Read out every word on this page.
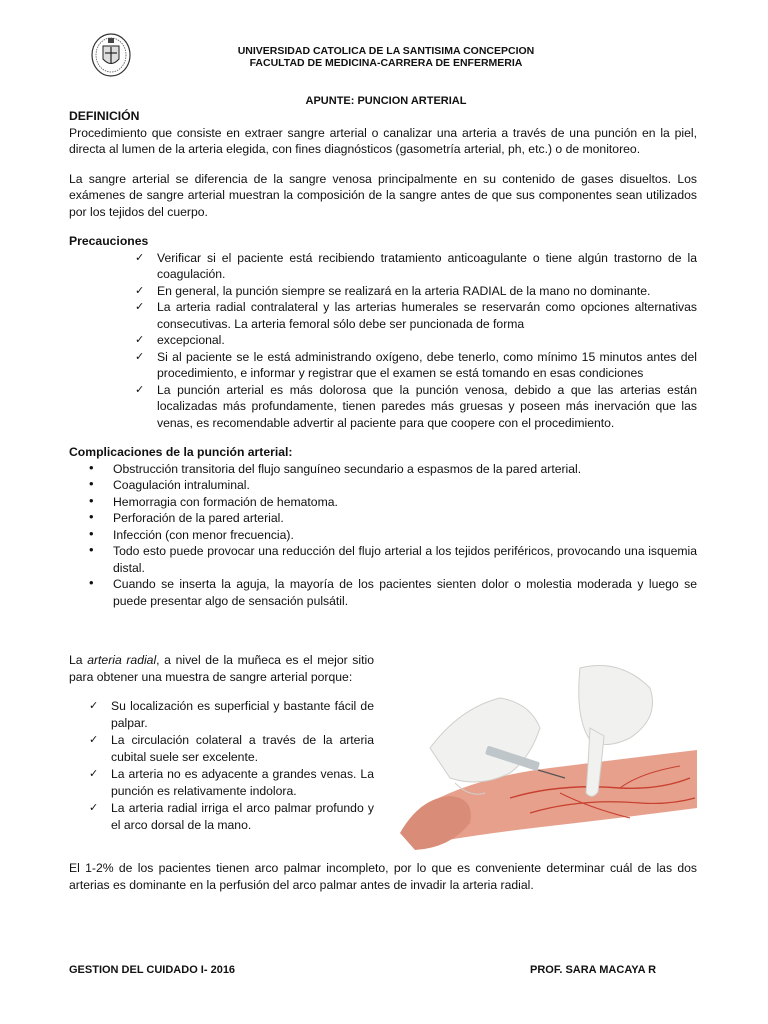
UNIVERSIDAD CATOLICA DE LA SANTISIMA CONCEPCION
FACULTAD DE MEDICINA-CARRERA DE ENFERMERIA
APUNTE: PUNCION ARTERIAL
DEFINICIÓN

Procedimiento que consiste en extraer sangre arterial o canalizar una arteria a través de una punción en la piel, directa al lumen de la arteria elegida, con fines diagnósticos (gasometría arterial, ph, etc.) o de monitoreo.

La sangre arterial se diferencia de la sangre venosa principalmente en su contenido de gases disueltos. Los exámenes de sangre arterial muestran la composición de la sangre antes de que sus componentes sean utilizados por los tejidos del cuerpo.

Precauciones
✓ Verificar si el paciente está recibiendo tratamiento anticoagulante o tiene algún trastorno de la coagulación.
✓ En general, la punción siempre se realizará en la arteria RADIAL de la mano no dominante.
✓ La arteria radial contralateral y las arterias humerales se reservarán como opciones alternativas consecutivas. La arteria femoral sólo debe ser puncionada de forma
✓ excepcional.
✓ Si al paciente se le está administrando oxígeno, debe tenerlo, como mínimo 15 minutos antes del procedimiento, e informar y registrar que el examen se está tomando en esas condiciones
✓ La punción arterial es más dolorosa que la punción venosa, debido a que las arterias están localizadas más profundamente, tienen paredes más gruesas y poseen más inervación que las venas, es recomendable advertir al paciente para que coopere con el procedimiento.
Complicaciones de la punción arterial:
• Obstrucción transitoria del flujo sanguíneo secundario a espasmos de la pared arterial.
• Coagulación intraluminal.
• Hemorragia con formación de hematoma.
• Perforación de la pared arterial.
• Infección (con menor frecuencia).
• Todo esto puede provocar una reducción del flujo arterial a los tejidos periféricos, provocando una isquemia distal.
• Cuando se inserta la aguja, la mayoría de los pacientes sienten dolor o molestia moderada y luego se puede presentar algo de sensación pulsátil.

La arteria radial, a nivel de la muñeca es el mejor sitio para obtener una muestra de sangre arterial porque:

✓ Su localización es superficial y bastante fácil de palpar.
✓ La circulación colateral a través de la arteria cubital suele ser excelente.
✓ La arteria no es adyacente a grandes venas. La punción es relativamente indolora.
✓ La arteria radial irriga el arco palmar profundo y el arco dorsal de la mano.

El 1-2% de los pacientes tienen arco palmar incompleto, por lo que es conveniente determinar cuál de las dos arterias es dominante en la perfusión del arco palmar antes de invadir la arteria radial.

GESTION DEL CUIDADO I- 2016	PROF. SARA MACAYA R
